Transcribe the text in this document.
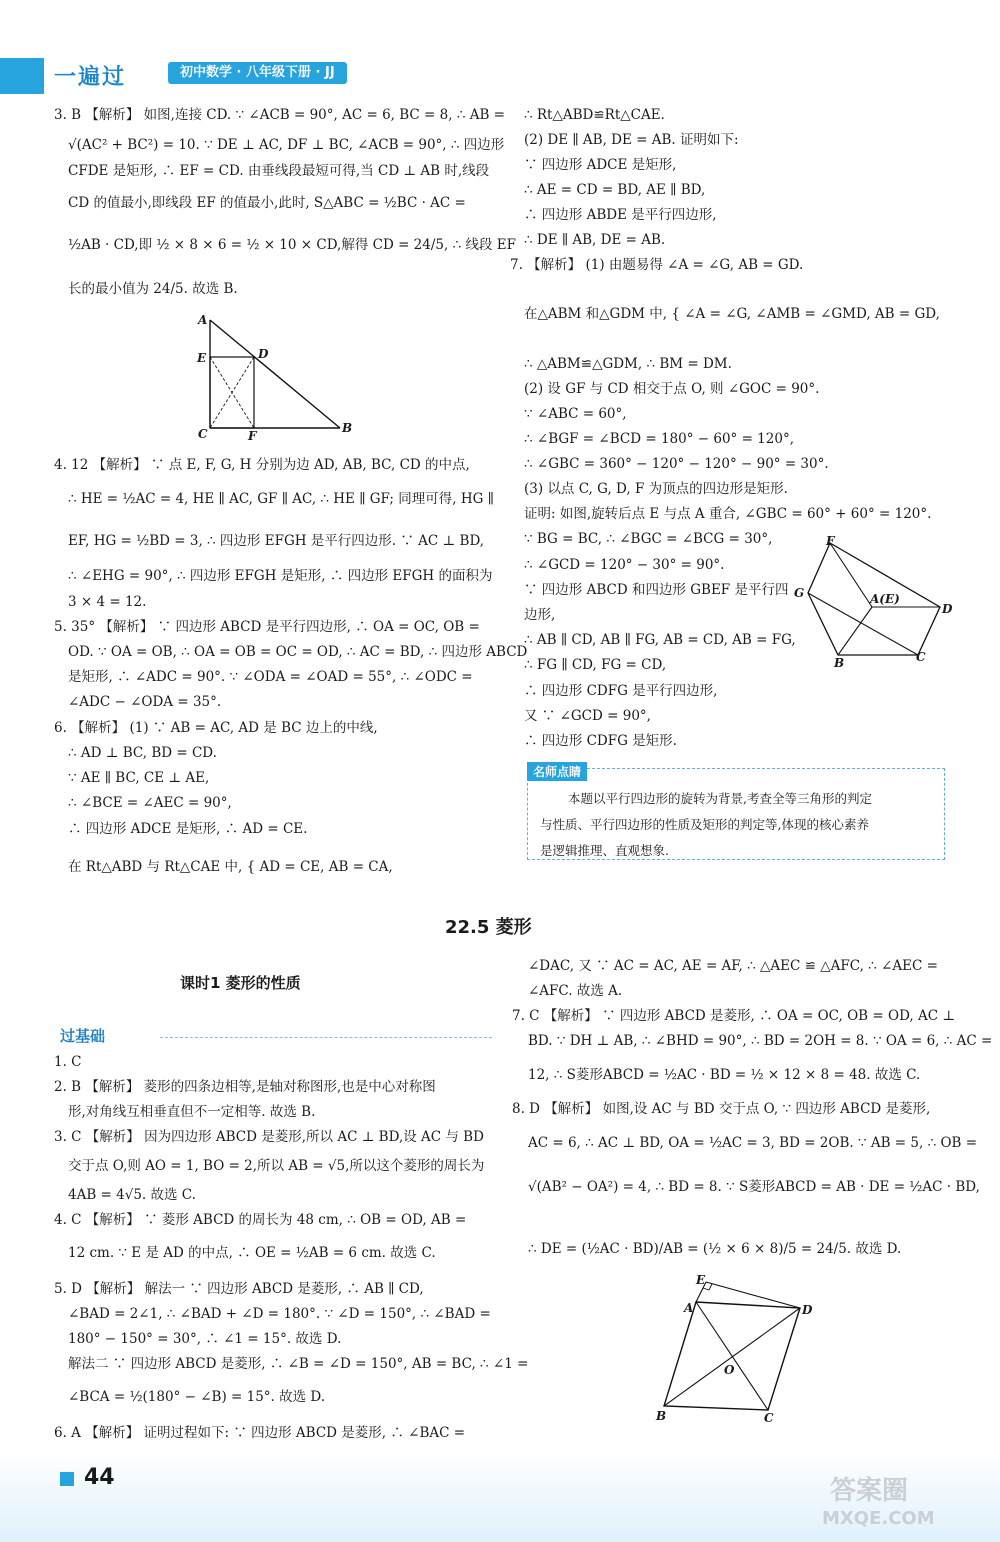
一遍过	初中数学 · 八年级下册 · JJ
3. B 【解析】 如图,连接 CD. ∵ ∠ACB = 90°, AC = 6, BC = 8, ∴ AB =
√(AC² + BC²) = 10. ∵ DE ⊥ AC, DF ⊥ BC, ∠ACB = 90°, ∴ 四边形
CFDE 是矩形, ∴ EF = CD. 由垂线段最短可得,当 CD ⊥ AB 时,线段
CD 的值最小,即线段 EF 的值最小,此时, S△ABC = ½BC · AC =
½AB · CD,即 ½ × 8 × 6 = ½ × 10 × CD,解得 CD = 24/5, ∴ 线段 EF
长的最小值为 24/5. 故选 B.
A
E	D
C	F
B
4. 12 【解析】 ∵ 点 E, F, G, H 分别为边 AD, AB, BC, CD 的中点,
∴ HE = ½AC = 4, HE ∥ AC, GF ∥ AC, ∴ HE ∥ GF; 同理可得, HG ∥
EF, HG = ½BD = 3, ∴ 四边形 EFGH 是平行四边形. ∵ AC ⊥ BD,
∴ ∠EHG = 90°, ∴ 四边形 EFGH 是矩形, ∴ 四边形 EFGH 的面积为
3 × 4 = 12.
5. 35° 【解析】 ∵ 四边形 ABCD 是平行四边形, ∴ OA = OC, OB =
OD. ∵ OA = OB, ∴ OA = OB = OC = OD, ∴ AC = BD, ∴ 四边形 ABCD
是矩形, ∴ ∠ADC = 90°. ∵ ∠ODA = ∠OAD = 55°, ∴ ∠ODC =
∠ADC − ∠ODA = 35°.
6. 【解析】 (1) ∵ AB = AC, AD 是 BC 边上的中线,
∴ AD ⊥ BC, BD = CD.
∵ AE ∥ BC, CE ⊥ AE,
∴ ∠BCE = ∠AEC = 90°,
∴ 四边形 ADCE 是矩形, ∴ AD = CE.
在 Rt△ABD 与 Rt△CAE 中, { AD = CE, AB = CA,
∴ Rt△ABD≌Rt△CAE.
(2) DE ∥ AB, DE = AB. 证明如下:
∵ 四边形 ADCE 是矩形,
∴ AE = CD = BD, AE ∥ BD,
∴ 四边形 ABDE 是平行四边形,
∴ DE ∥ AB, DE = AB.
7. 【解析】 (1) 由题易得 ∠A = ∠G, AB = GD.
在△ABM 和△GDM 中, { ∠A = ∠G, ∠AMB = ∠GMD, AB = GD,
∴ △ABM≌△GDM, ∴ BM = DM.
(2) 设 GF 与 CD 相交于点 O, 则 ∠GOC = 90°.
∵ ∠ABC = 60°,
∴ ∠BGF = ∠BCD = 180° − 60° = 120°,
∴ ∠GBC = 360° − 120° − 120° − 90° = 30°.
(3) 以点 C, G, D, F 为顶点的四边形是矩形.
证明: 如图,旋转后点 E 与点 A 重合, ∠GBC = 60° + 60° = 120°.
∵ BG = BC, ∴ ∠BGC = ∠BCG = 30°,
∴ ∠GCD = 120° − 30° = 90°.
∵ 四边形 ABCD 和四边形 GBEF 是平行四
边形,
∴ AB ∥ CD, AB ∥ FG, AB = CD, AB = FG,
∴ FG ∥ CD, FG = CD,
∴ 四边形 CDFG 是平行四边形,
又 ∵ ∠GCD = 90°,
∴ 四边形 CDFG 是矩形.
F
G	A(E)
D
B	C
名师点睛
本题以平行四边形的旋转为背景,考查全等三角形的判定
与性质、平行四边形的性质及矩形的判定等,体现的核心素养
是逻辑推理、直观想象.
22.5 菱形
课时1 菱形的性质
过基础
1. C
2. B 【解析】 菱形的四条边相等,是轴对称图形,也是中心对称图
形,对角线互相垂直但不一定相等. 故选 B.
3. C 【解析】 因为四边形 ABCD 是菱形,所以 AC ⊥ BD,设 AC 与 BD
交于点 O,则 AO = 1, BO = 2,所以 AB = √5,所以这个菱形的周长为
4AB = 4√5. 故选 C.
4. C 【解析】 ∵ 菱形 ABCD 的周长为 48 cm, ∴ OB = OD, AB =
12 cm. ∵ E 是 AD 的中点, ∴ OE = ½AB = 6 cm. 故选 C.
5. D 【解析】 解法一 ∵ 四边形 ABCD 是菱形, ∴ AB ∥ CD,
∠BAD = 2∠1, ∴ ∠BAD + ∠D = 180°. ∵ ∠D = 150°, ∴ ∠BAD =
180° − 150° = 30°, ∴ ∠1 = 15°. 故选 D.
解法二 ∵ 四边形 ABCD 是菱形, ∴ ∠B = ∠D = 150°, AB = BC, ∴ ∠1 =
∠BCA = ½(180° − ∠B) = 15°. 故选 D.
6. A 【解析】 证明过程如下: ∵ 四边形 ABCD 是菱形, ∴ ∠BAC =
∠DAC, 又 ∵ AC = AC, AE = AF, ∴ △AEC ≌ △AFC, ∴ ∠AEC =
∠AFC. 故选 A.
7. C 【解析】 ∵ 四边形 ABCD 是菱形, ∴ OA = OC, OB = OD, AC ⊥
BD. ∵ DH ⊥ AB, ∴ ∠BHD = 90°, ∴ BD = 2OH = 8. ∵ OA = 6, ∴ AC =
12, ∴ S菱形ABCD = ½AC · BD = ½ × 12 × 8 = 48. 故选 C.
8. D 【解析】 如图,设 AC 与 BD 交于点 O, ∵ 四边形 ABCD 是菱形,
AC = 6, ∴ AC ⊥ BD, OA = ½AC = 3, BD = 2OB. ∵ AB = 5, ∴ OB =
√(AB² − OA²) = 4, ∴ BD = 8. ∵ S菱形ABCD = AB · DE = ½AC · BD,
∴ DE = (½AC · BD)/AB = (½ × 6 × 8)/5 = 24/5. 故选 D.
E
A	D
O
B	C
44	答案圈
MXQE.COM
